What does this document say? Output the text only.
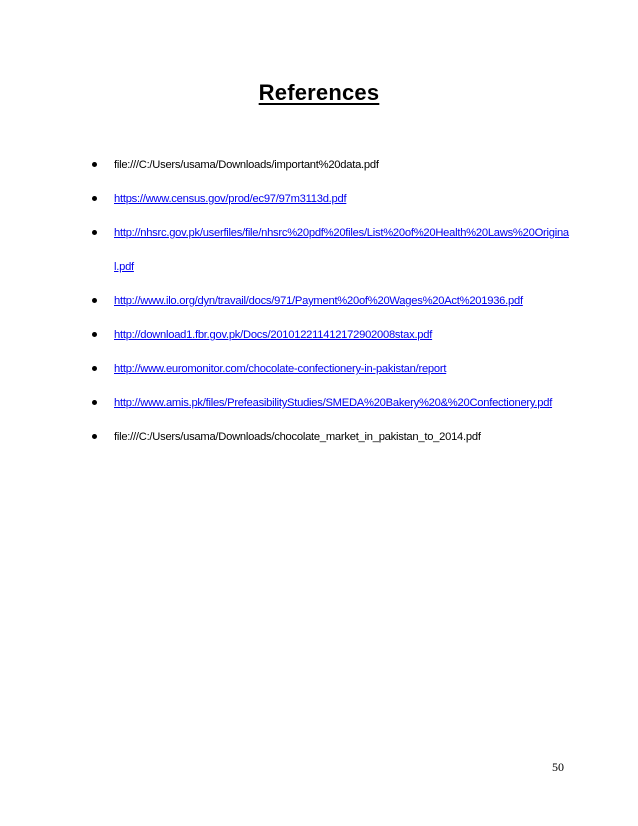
References
file:///C:/Users/usama/Downloads/important%20data.pdf
https://www.census.gov/prod/ec97/97m3113d.pdf
http://nhsrc.gov.pk/userfiles/file/nhsrc%20pdf%20files/List%20of%20Health%20Laws%20Original.pdf
http://www.ilo.org/dyn/travail/docs/971/Payment%20of%20Wages%20Act%201936.pdf
http://download1.fbr.gov.pk/Docs/20101221141217290200‌8stax.pdf
http://www.euromonitor.com/chocolate-confectionery-in-pakistan/report
http://www.amis.pk/files/PrefeasibilityStudies/SMEDA%20Bakery%20&%20Confectionery.pdf
file:///C:/Users/usama/Downloads/chocolate_market_in_pakistan_to_2014.pdf
50
